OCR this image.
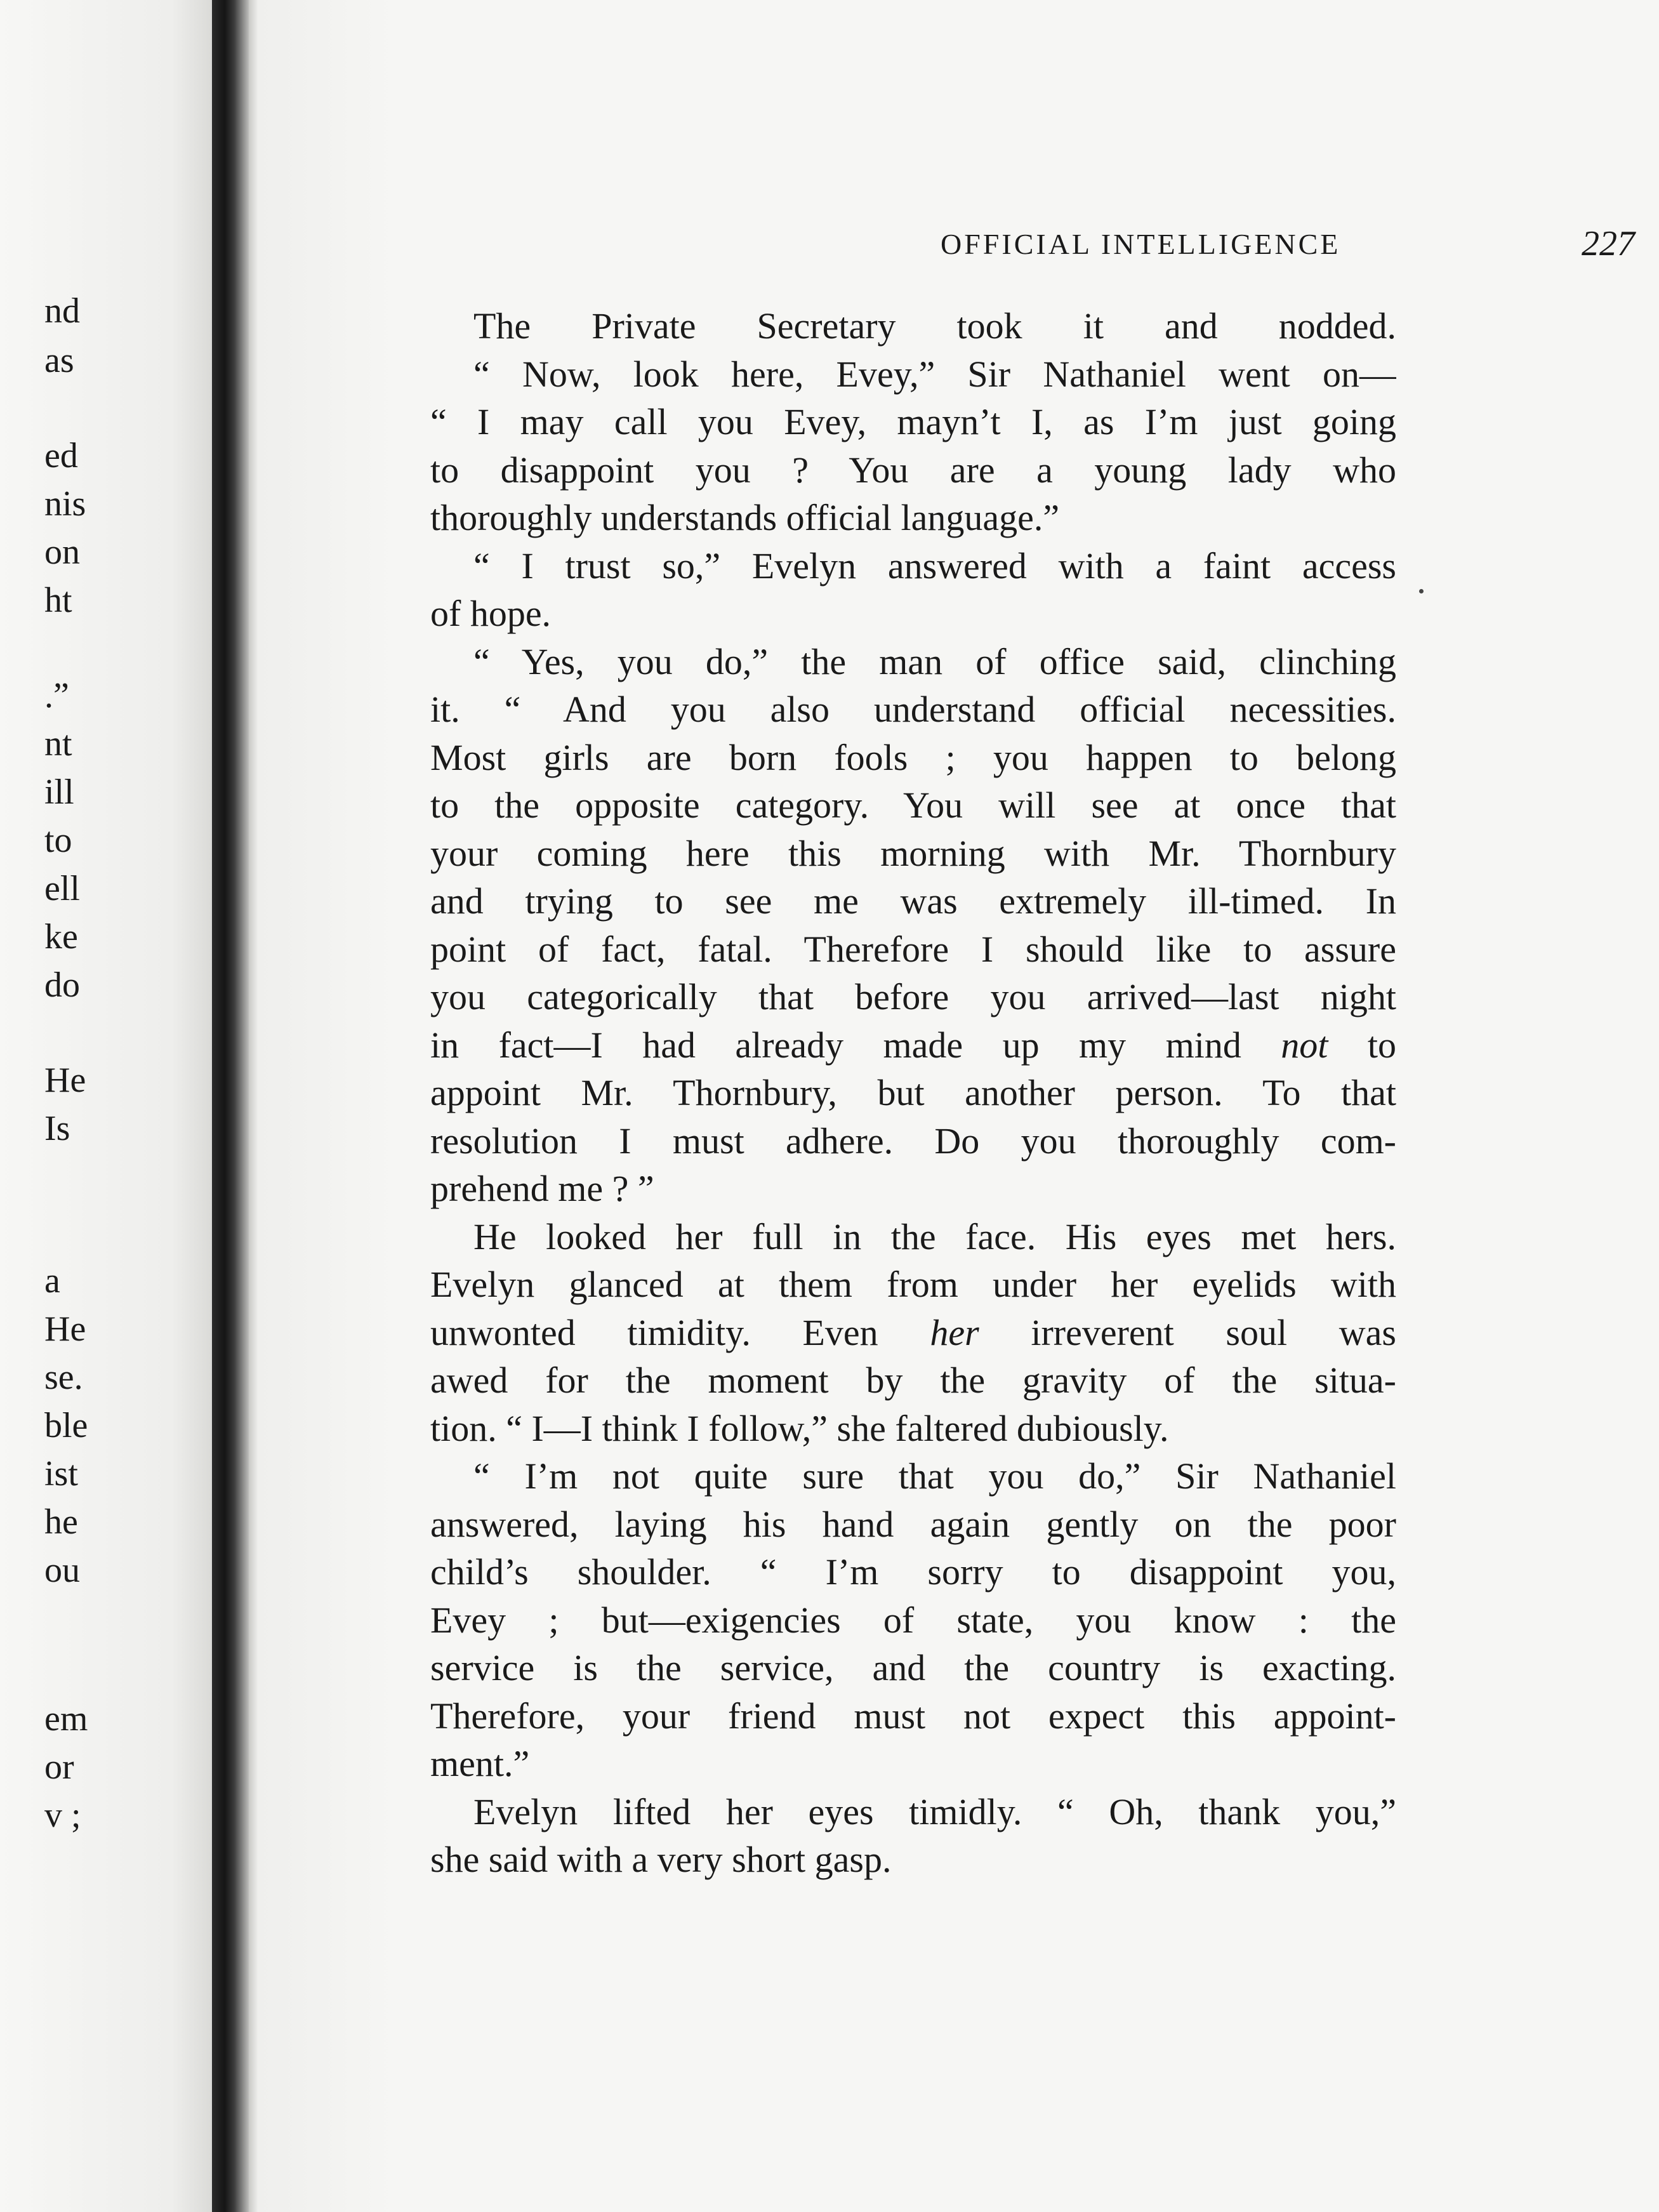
nd
as
ed
nis
on
ht
.”
nt
ill
to
ell
ke
do
He
Is
a
He
se.
ble
ist
he
ou
em
or
v ;
OFFICIAL INTELLIGENCE	227
The Private Secretary took it and nodded.
“ Now, look here, Evey,” Sir Nathaniel went on—
“ I may call you Evey, mayn’t I, as I’m just going
to disappoint you ? You are a young lady who
thoroughly understands official language.”
“ I trust so,” Evelyn answered with a faint access
of hope.
“ Yes, you do,” the man of office said, clinching
it. “ And you also understand official necessities.
Most girls are born fools ; you happen to belong
to the opposite category. You will see at once that
your coming here this morning with Mr. Thornbury
and trying to see me was extremely ill-timed. In
point of fact, fatal. Therefore I should like to assure
you categorically that before you arrived—last night
in fact—I had already made up my mind not to
appoint Mr. Thornbury, but another person. To that
resolution I must adhere. Do you thoroughly com-
prehend me ? ”
He looked her full in the face. His eyes met hers.
Evelyn glanced at them from under her eyelids with
unwonted timidity. Even her irreverent soul was
awed for the moment by the gravity of the situa-
tion. “ I—I think I follow,” she faltered dubiously.
“ I’m not quite sure that you do,” Sir Nathaniel
answered, laying his hand again gently on the poor
child’s shoulder. “ I’m sorry to disappoint you,
Evey ; but—exigencies of state, you know : the
service is the service, and the country is exacting.
Therefore, your friend must not expect this appoint-
ment.”
Evelyn lifted her eyes timidly. “ Oh, thank you,”
she said with a very short gasp.
